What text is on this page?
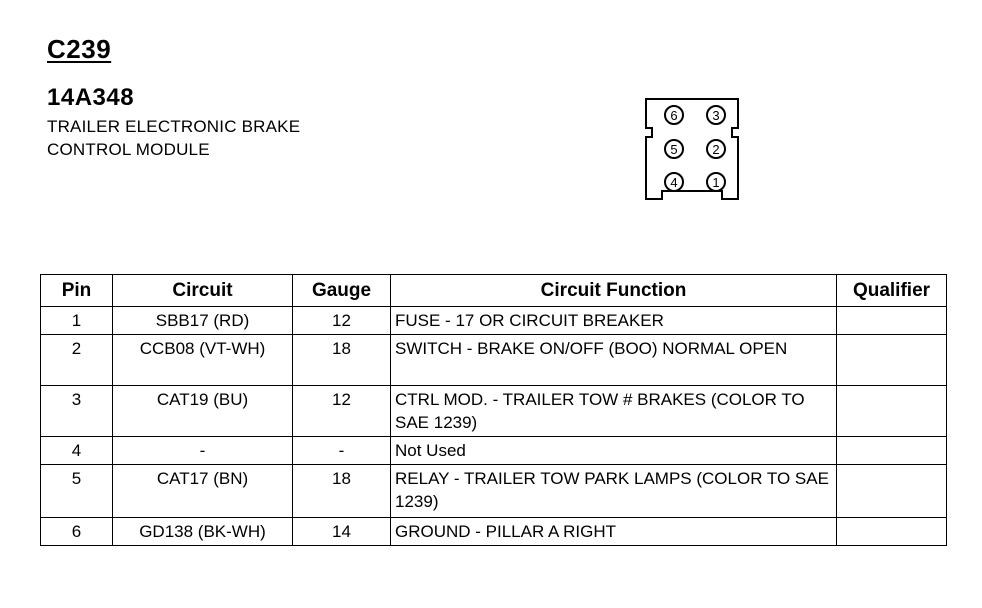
C239
14A348
TRAILER ELECTRONIC BRAKE
CONTROL MODULE
6	3
5	2
4	1
Pin	Circuit	Gauge	Circuit Function	Qualifier
1	SBB17 (RD)	12	FUSE - 17 OR CIRCUIT BREAKER	
2	CCB08 (VT-WH)	18	SWITCH - BRAKE ON/OFF (BOO) NORMAL OPEN	
3	CAT19 (BU)	12	CTRL MOD. - TRAILER TOW # BRAKES (COLOR TO SAE 1239)	
4	-	-	Not Used	
5	CAT17 (BN)	18	RELAY - TRAILER TOW PARK LAMPS (COLOR TO SAE 1239)	
6	GD138 (BK-WH)	14	GROUND - PILLAR A RIGHT	
